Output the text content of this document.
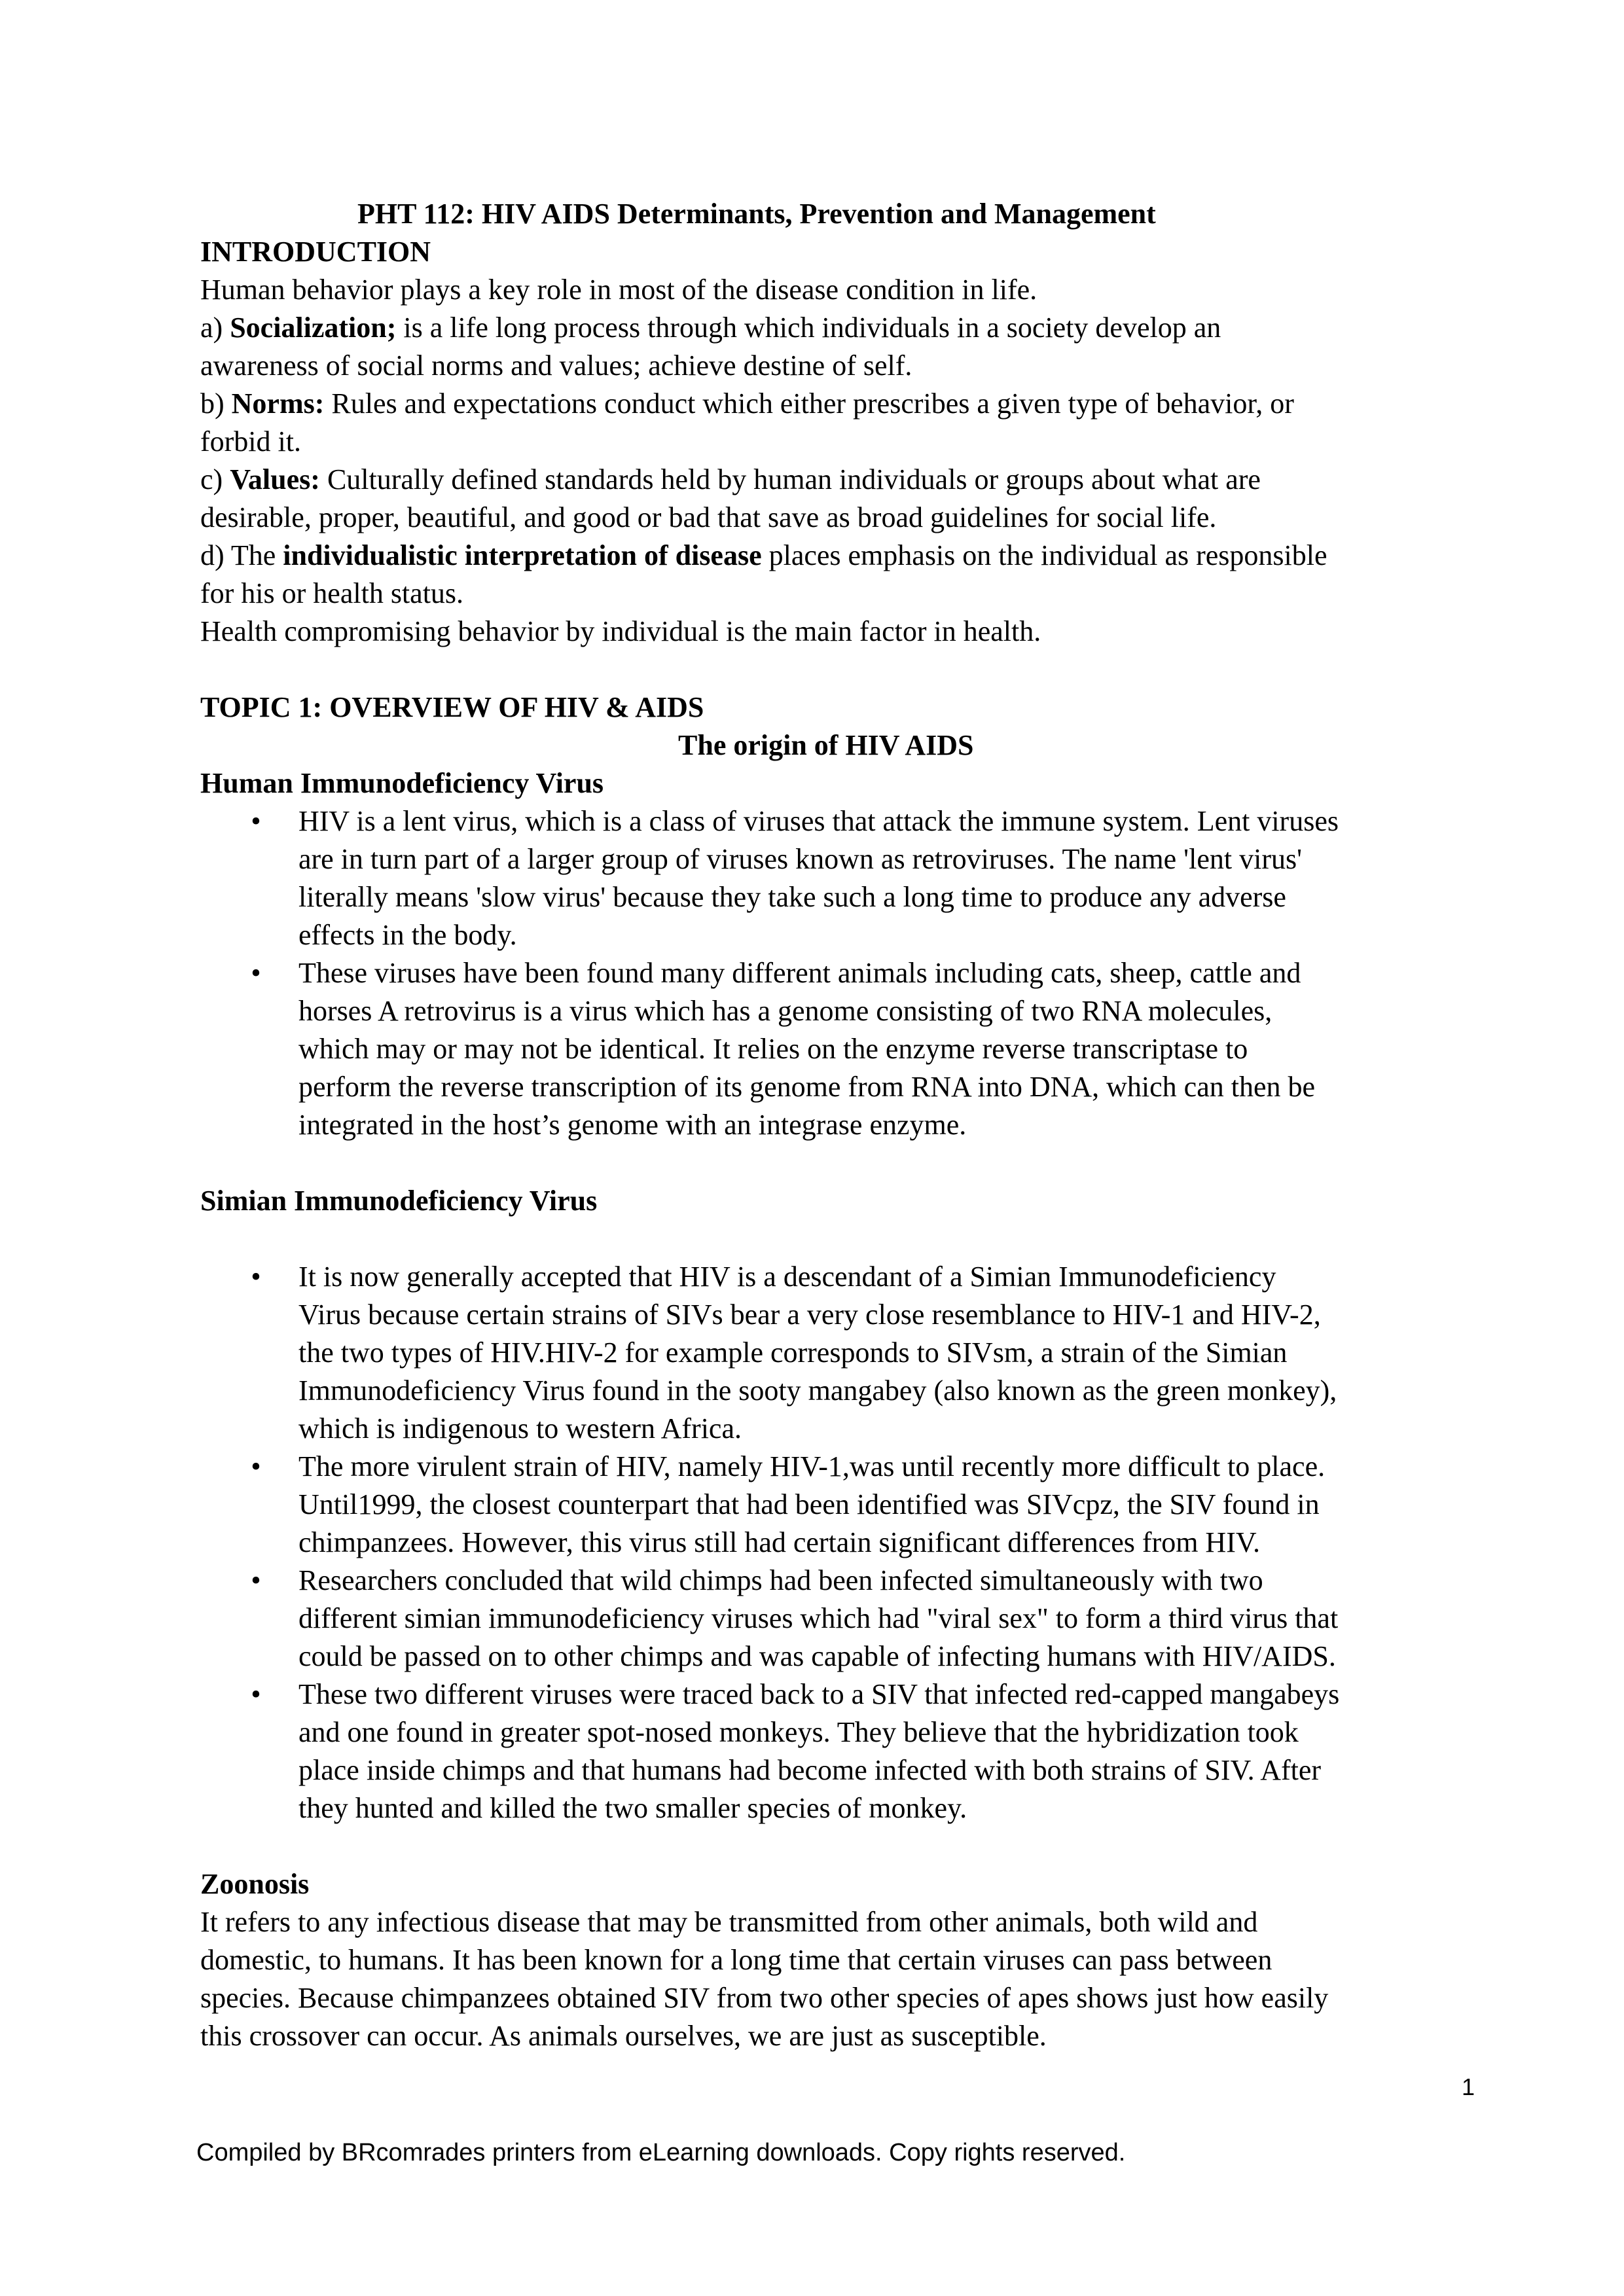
PHT 112: HIV AIDS Determinants, Prevention and Management
INTRODUCTION
Human behavior plays a key role in most of the disease condition in life.
a) Socialization; is a life long process through which individuals in a society develop an
awareness of social norms and values; achieve destine of self.
b) Norms: Rules and expectations conduct which either prescribes a given type of behavior, or
forbid it.
c) Values: Culturally defined standards held by human individuals or groups about what are
desirable, proper, beautiful, and good or bad that save as broad guidelines for social life.
d) The individualistic interpretation of disease places emphasis on the individual as responsible
for his or health status.
Health compromising behavior by individual is the main factor in health.
TOPIC 1: OVERVIEW OF HIV & AIDS
The origin of HIV AIDS
Human Immunodeficiency Virus
• HIV is a lent virus, which is a class of viruses that attack the immune system. Lent viruses
are in turn part of a larger group of viruses known as retroviruses. The name 'lent virus'
literally means 'slow virus' because they take such a long time to produce any adverse
effects in the body.
• These viruses have been found many different animals including cats, sheep, cattle and
horses A retrovirus is a virus which has a genome consisting of two RNA molecules,
which may or may not be identical. It relies on the enzyme reverse transcriptase to
perform the reverse transcription of its genome from RNA into DNA, which can then be
integrated in the host’s genome with an integrase enzyme.
Simian Immunodeficiency Virus
• It is now generally accepted that HIV is a descendant of a Simian Immunodeficiency
Virus because certain strains of SIVs bear a very close resemblance to HIV-1 and HIV-2,
the two types of HIV.HIV-2 for example corresponds to SIVsm, a strain of the Simian
Immunodeficiency Virus found in the sooty mangabey (also known as the green monkey),
which is indigenous to western Africa.
• The more virulent strain of HIV, namely HIV-1,was until recently more difficult to place.
Until1999, the closest counterpart that had been identified was SIVcpz, the SIV found in
chimpanzees. However, this virus still had certain significant differences from HIV.
• Researchers concluded that wild chimps had been infected simultaneously with two
different simian immunodeficiency viruses which had "viral sex" to form a third virus that
could be passed on to other chimps and was capable of infecting humans with HIV/AIDS.
• These two different viruses were traced back to a SIV that infected red-capped mangabeys
and one found in greater spot-nosed monkeys. They believe that the hybridization took
place inside chimps and that humans had become infected with both strains of SIV. After
they hunted and killed the two smaller species of monkey.
Zoonosis
It refers to any infectious disease that may be transmitted from other animals, both wild and
domestic, to humans. It has been known for a long time that certain viruses can pass between
species. Because chimpanzees obtained SIV from two other species of apes shows just how easily
this crossover can occur. As animals ourselves, we are just as susceptible.
1
Compiled by BRcomrades printers from eLearning downloads. Copy rights reserved.
